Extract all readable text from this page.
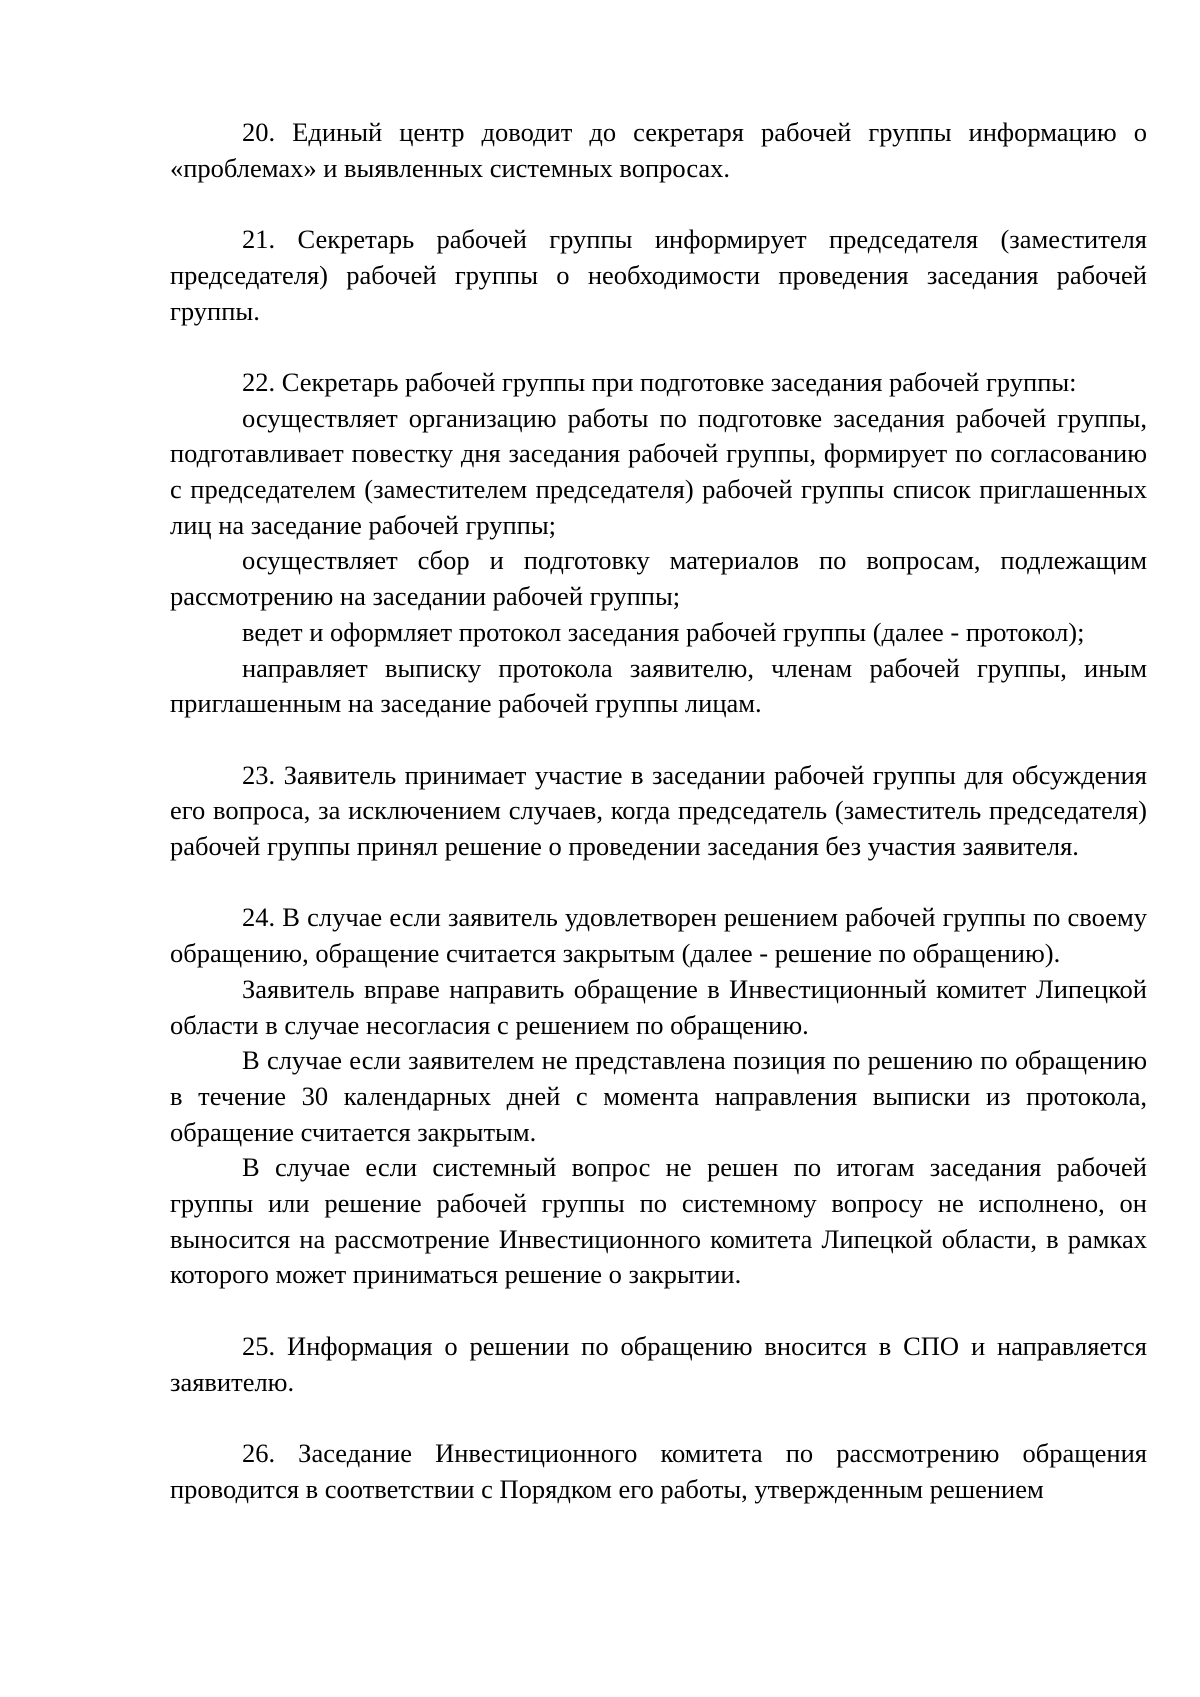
20. Единый центр доводит до секретаря рабочей группы информацию о «проблемах» и выявленных системных вопросах.

21. Секретарь рабочей группы информирует председателя (заместителя председателя) рабочей группы о необходимости проведения заседания рабочей группы.

22. Секретарь рабочей группы при подготовке заседания рабочей группы:

осуществляет организацию работы по подготовке заседания рабочей группы, подготавливает повестку дня заседания рабочей группы, формирует по согласованию с председателем (заместителем председателя) рабочей группы список приглашенных лиц на заседание рабочей группы;

осуществляет сбор и подготовку материалов по вопросам, подлежащим рассмотрению на заседании рабочей группы;

ведет и оформляет протокол заседания рабочей группы (далее - протокол);

направляет выписку протокола заявителю, членам рабочей группы, иным приглашенным на заседание рабочей группы лицам.

23. Заявитель принимает участие в заседании рабочей группы для обсуждения его вопроса, за исключением случаев, когда председатель (заместитель председателя) рабочей группы принял решение о проведении заседания без участия заявителя.

24. В случае если заявитель удовлетворен решением рабочей группы по своему обращению, обращение считается закрытым (далее - решение по обращению).

Заявитель вправе направить обращение в Инвестиционный комитет Липецкой области в случае несогласия с решением по обращению.

В случае если заявителем не представлена позиция по решению по обращению в течение 30 календарных дней с момента направления выписки из протокола, обращение считается закрытым.

В случае если системный вопрос не решен по итогам заседания рабочей группы или решение рабочей группы по системному вопросу не исполнено, он выносится на рассмотрение Инвестиционного комитета Липецкой области, в рамках которого может приниматься решение о закрытии.

25. Информация о решении по обращению вносится в СПО и направляется заявителю.

26. Заседание Инвестиционного комитета по рассмотрению обращения проводится в соответствии с Порядком его работы, утвержденным решением
